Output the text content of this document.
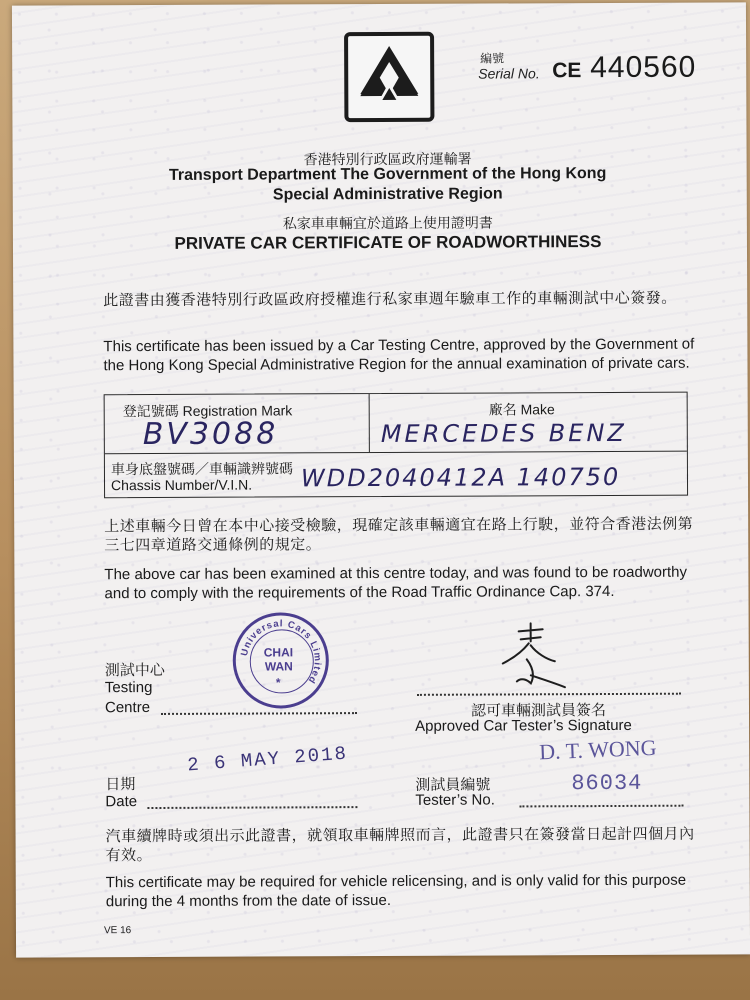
編號
Serial No. CE 440560
香港特別行政區政府運輸署
Transport Department The Government of the Hong Kong
Special Administrative Region
私家車車輛宜於道路上使用證明書
PRIVATE CAR CERTIFICATE OF ROADWORTHINESS
此證書由獲香港特別行政區政府授權進行私家車週年驗車工作的車輛測試中心簽發。
This certificate has been issued by a Car Testing Centre, approved by the Government of the Hong Kong Special Administrative Region for the annual examination of private cars.
登記號碼 Registration Mark
BV3088
廠名 Make
MERCEDES BENZ
車身底盤號碼／車輛識辨號碼
Chassis Number/V.I.N. WDD2040412A 140750
上述車輛今日曾在本中心接受檢驗，現確定該車輛適宜在路上行駛，並符合香港法例第三七四章道路交通條例的規定。
The above car has been examined at this centre today, and was found to be roadworthy and to comply with the requirements of the Road Traffic Ordinance Cap. 374.
測試中心
Testing
Centre
Universal Cars Limited
CHAI
WAN
*
認可車輛測試員簽名
Approved Car Tester’s Signature
2 6 MAY 2018
日期
Date
D. T. WONG
86034
測試員編號
Tester’s No.
汽車續牌時或須出示此證書，就領取車輛牌照而言，此證書只在簽發當日起計四個月內有效。
This certificate may be required for vehicle relicensing, and is only valid for this purpose during the 4 months from the date of issue.
VE 16
